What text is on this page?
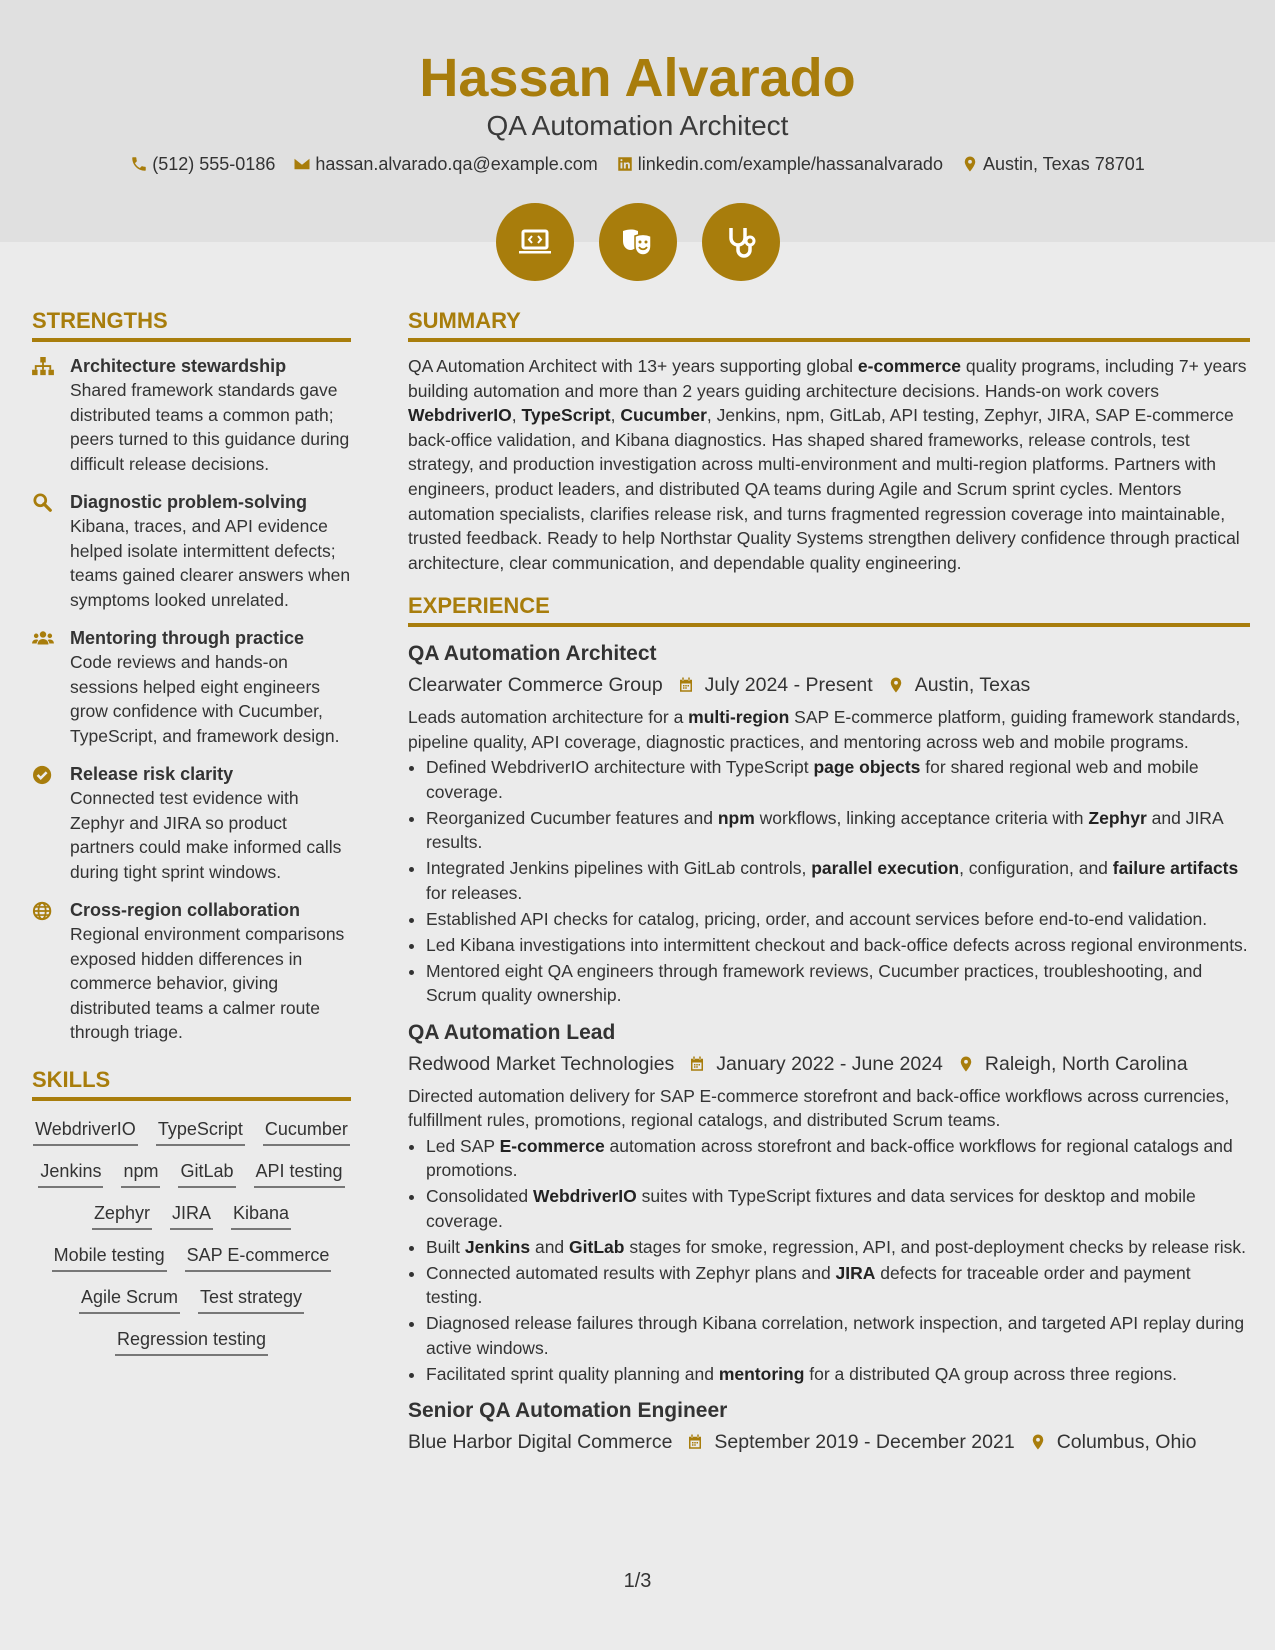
Hassan Alvarado
QA Automation Architect
(512) 555-0186 hassan.alvarado.qa@example.com linkedin.com/example/hassanalvarado Austin, Texas 78701
STRENGTHS
Architecture stewardship
Shared framework standards gave distributed teams a common path; peers turned to this guidance during difficult release decisions.
Diagnostic problem-solving
Kibana, traces, and API evidence helped isolate intermittent defects; teams gained clearer answers when symptoms looked unrelated.
Mentoring through practice
Code reviews and hands-on sessions helped eight engineers grow confidence with Cucumber, TypeScript, and framework design.
Release risk clarity
Connected test evidence with Zephyr and JIRA so product partners could make informed calls during tight sprint windows.
Cross-region collaboration
Regional environment comparisons exposed hidden differences in commerce behavior, giving distributed teams a calmer route through triage.
SKILLS
WebdriverIO TypeScript Cucumber
Jenkins npm GitLab API testing
Zephyr JIRA Kibana
Mobile testing SAP E-commerce
Agile Scrum Test strategy
Regression testing
SUMMARY

QA Automation Architect with 13+ years supporting global e-commerce quality programs, including 7+ years building automation and more than 2 years guiding architecture decisions. Hands-on work covers WebdriverIO, TypeScript, Cucumber, Jenkins, npm, GitLab, API testing, Zephyr, JIRA, SAP E-commerce back-office validation, and Kibana diagnostics. Has shaped shared frameworks, release controls, test strategy, and production investigation across multi-environment and multi-region platforms. Partners with engineers, product leaders, and distributed QA teams during Agile and Scrum sprint cycles. Mentors automation specialists, clarifies release risk, and turns fragmented regression coverage into maintainable, trusted feedback. Ready to help Northstar Quality Systems strengthen delivery confidence through practical architecture, clear communication, and dependable quality engineering.

EXPERIENCE
QA Automation Architect
Clearwater Commerce Group July 2024 - Present Austin, Texas

Leads automation architecture for a multi-region SAP E-commerce platform, guiding framework standards, pipeline quality, API coverage, diagnostic practices, and mentoring across web and mobile programs.

• Defined WebdriverIO architecture with TypeScript page objects for shared regional web and mobile coverage.
• Reorganized Cucumber features and npm workflows, linking acceptance criteria with Zephyr and JIRA results.
• Integrated Jenkins pipelines with GitLab controls, parallel execution, configuration, and failure artifacts for releases.
• Established API checks for catalog, pricing, order, and account services before end-to-end validation.
• Led Kibana investigations into intermittent checkout and back-office defects across regional environments.
• Mentored eight QA engineers through framework reviews, Cucumber practices, troubleshooting, and Scrum quality ownership.
QA Automation Lead
Redwood Market Technologies January 2022 - June 2024 Raleigh, North Carolina

Directed automation delivery for SAP E-commerce storefront and back-office workflows across currencies, fulfillment rules, promotions, regional catalogs, and distributed Scrum teams.

• Led SAP E-commerce automation across storefront and back-office workflows for regional catalogs and promotions.
• Consolidated WebdriverIO suites with TypeScript fixtures and data services for desktop and mobile coverage.
• Built Jenkins and GitLab stages for smoke, regression, API, and post-deployment checks by release risk.
• Connected automated results with Zephyr plans and JIRA defects for traceable order and payment testing.
• Diagnosed release failures through Kibana correlation, network inspection, and targeted API replay during active windows.
• Facilitated sprint quality planning and mentoring for a distributed QA group across three regions.
Senior QA Automation Engineer
Blue Harbor Digital Commerce September 2019 - December 2021 Columbus, Ohio
1/3
